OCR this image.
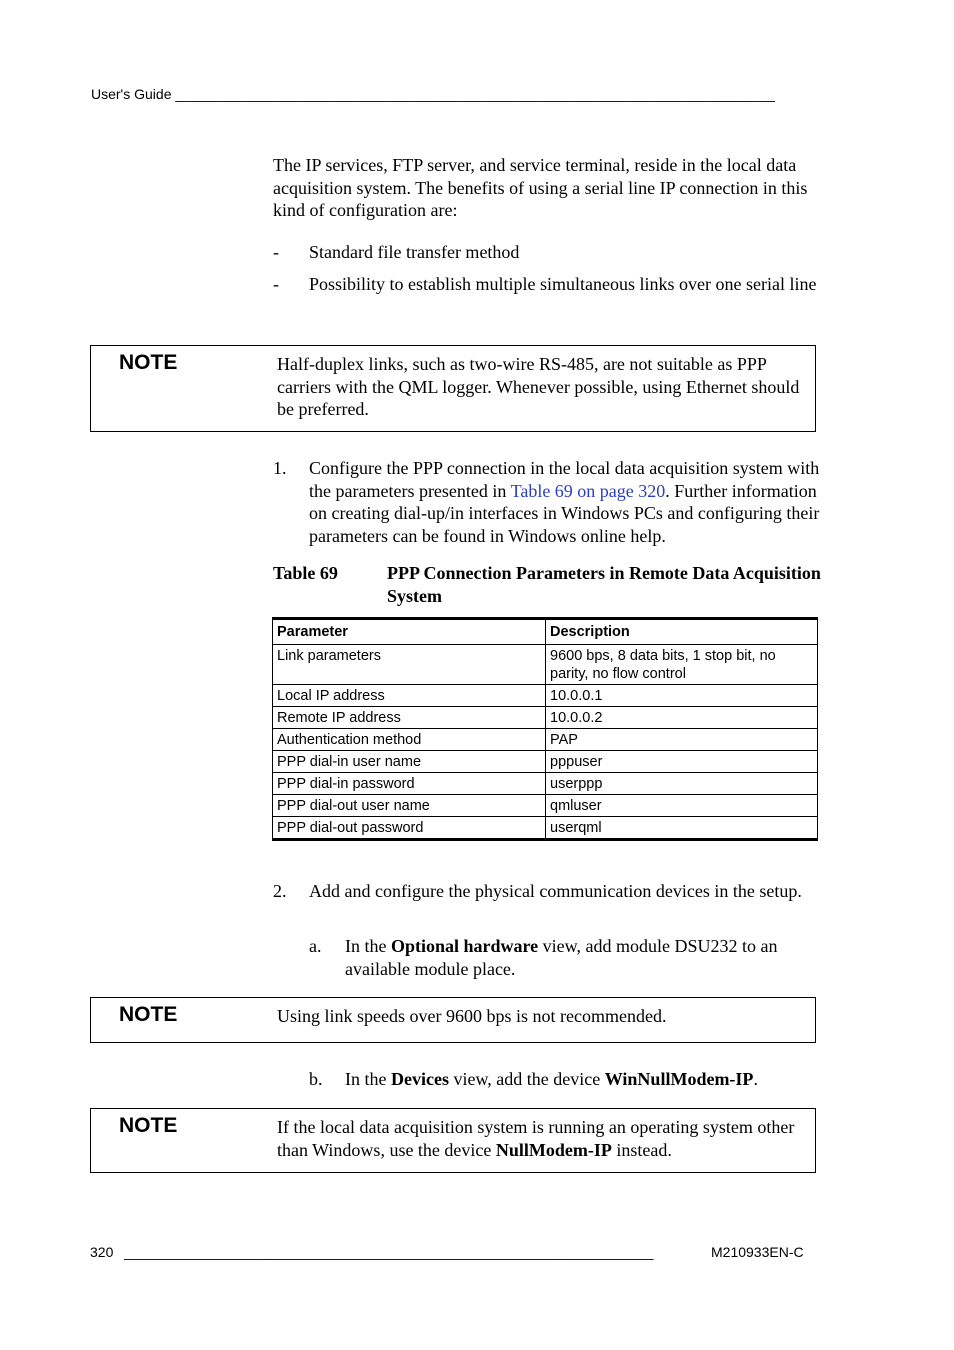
User's Guide _____________________________________________________________________________
The IP services, FTP server, and service terminal, reside in the local data acquisition system. The benefits of using a serial line IP connection in this kind of configuration are:
- Standard file transfer method
- Possibility to establish multiple simultaneous links over one serial line
NOTE	Half-duplex links, such as two-wire RS-485, are not suitable as PPP carriers with the QML logger. Whenever possible, using Ethernet should be preferred.
1. Configure the PPP connection in the local data acquisition system with the parameters presented in Table 69 on page 320. Further information on creating dial-up/in interfaces in Windows PCs and configuring their parameters can be found in Windows online help.
Table 69	PPP Connection Parameters in Remote Data Acquisition System
Parameter	Description
Link parameters	9600 bps, 8 data bits, 1 stop bit, no parity, no flow control
Local IP address	10.0.0.1
Remote IP address	10.0.0.2
Authentication method	PAP
PPP dial-in user name	pppuser
PPP dial-in password	userppp
PPP dial-out user name	qmluser
PPP dial-out password	userqml
2. Add and configure the physical communication devices in the setup.
a. In the Optional hardware view, add module DSU232 to an available module place.
NOTE	Using link speeds over 9600 bps is not recommended.
b. In the Devices view, add the device WinNullModem-IP.
NOTE	If the local data acquisition system is running an operating system other than Windows, use the device NullModem-IP instead.
320 ____________________________________________________________________	M210933EN-C
